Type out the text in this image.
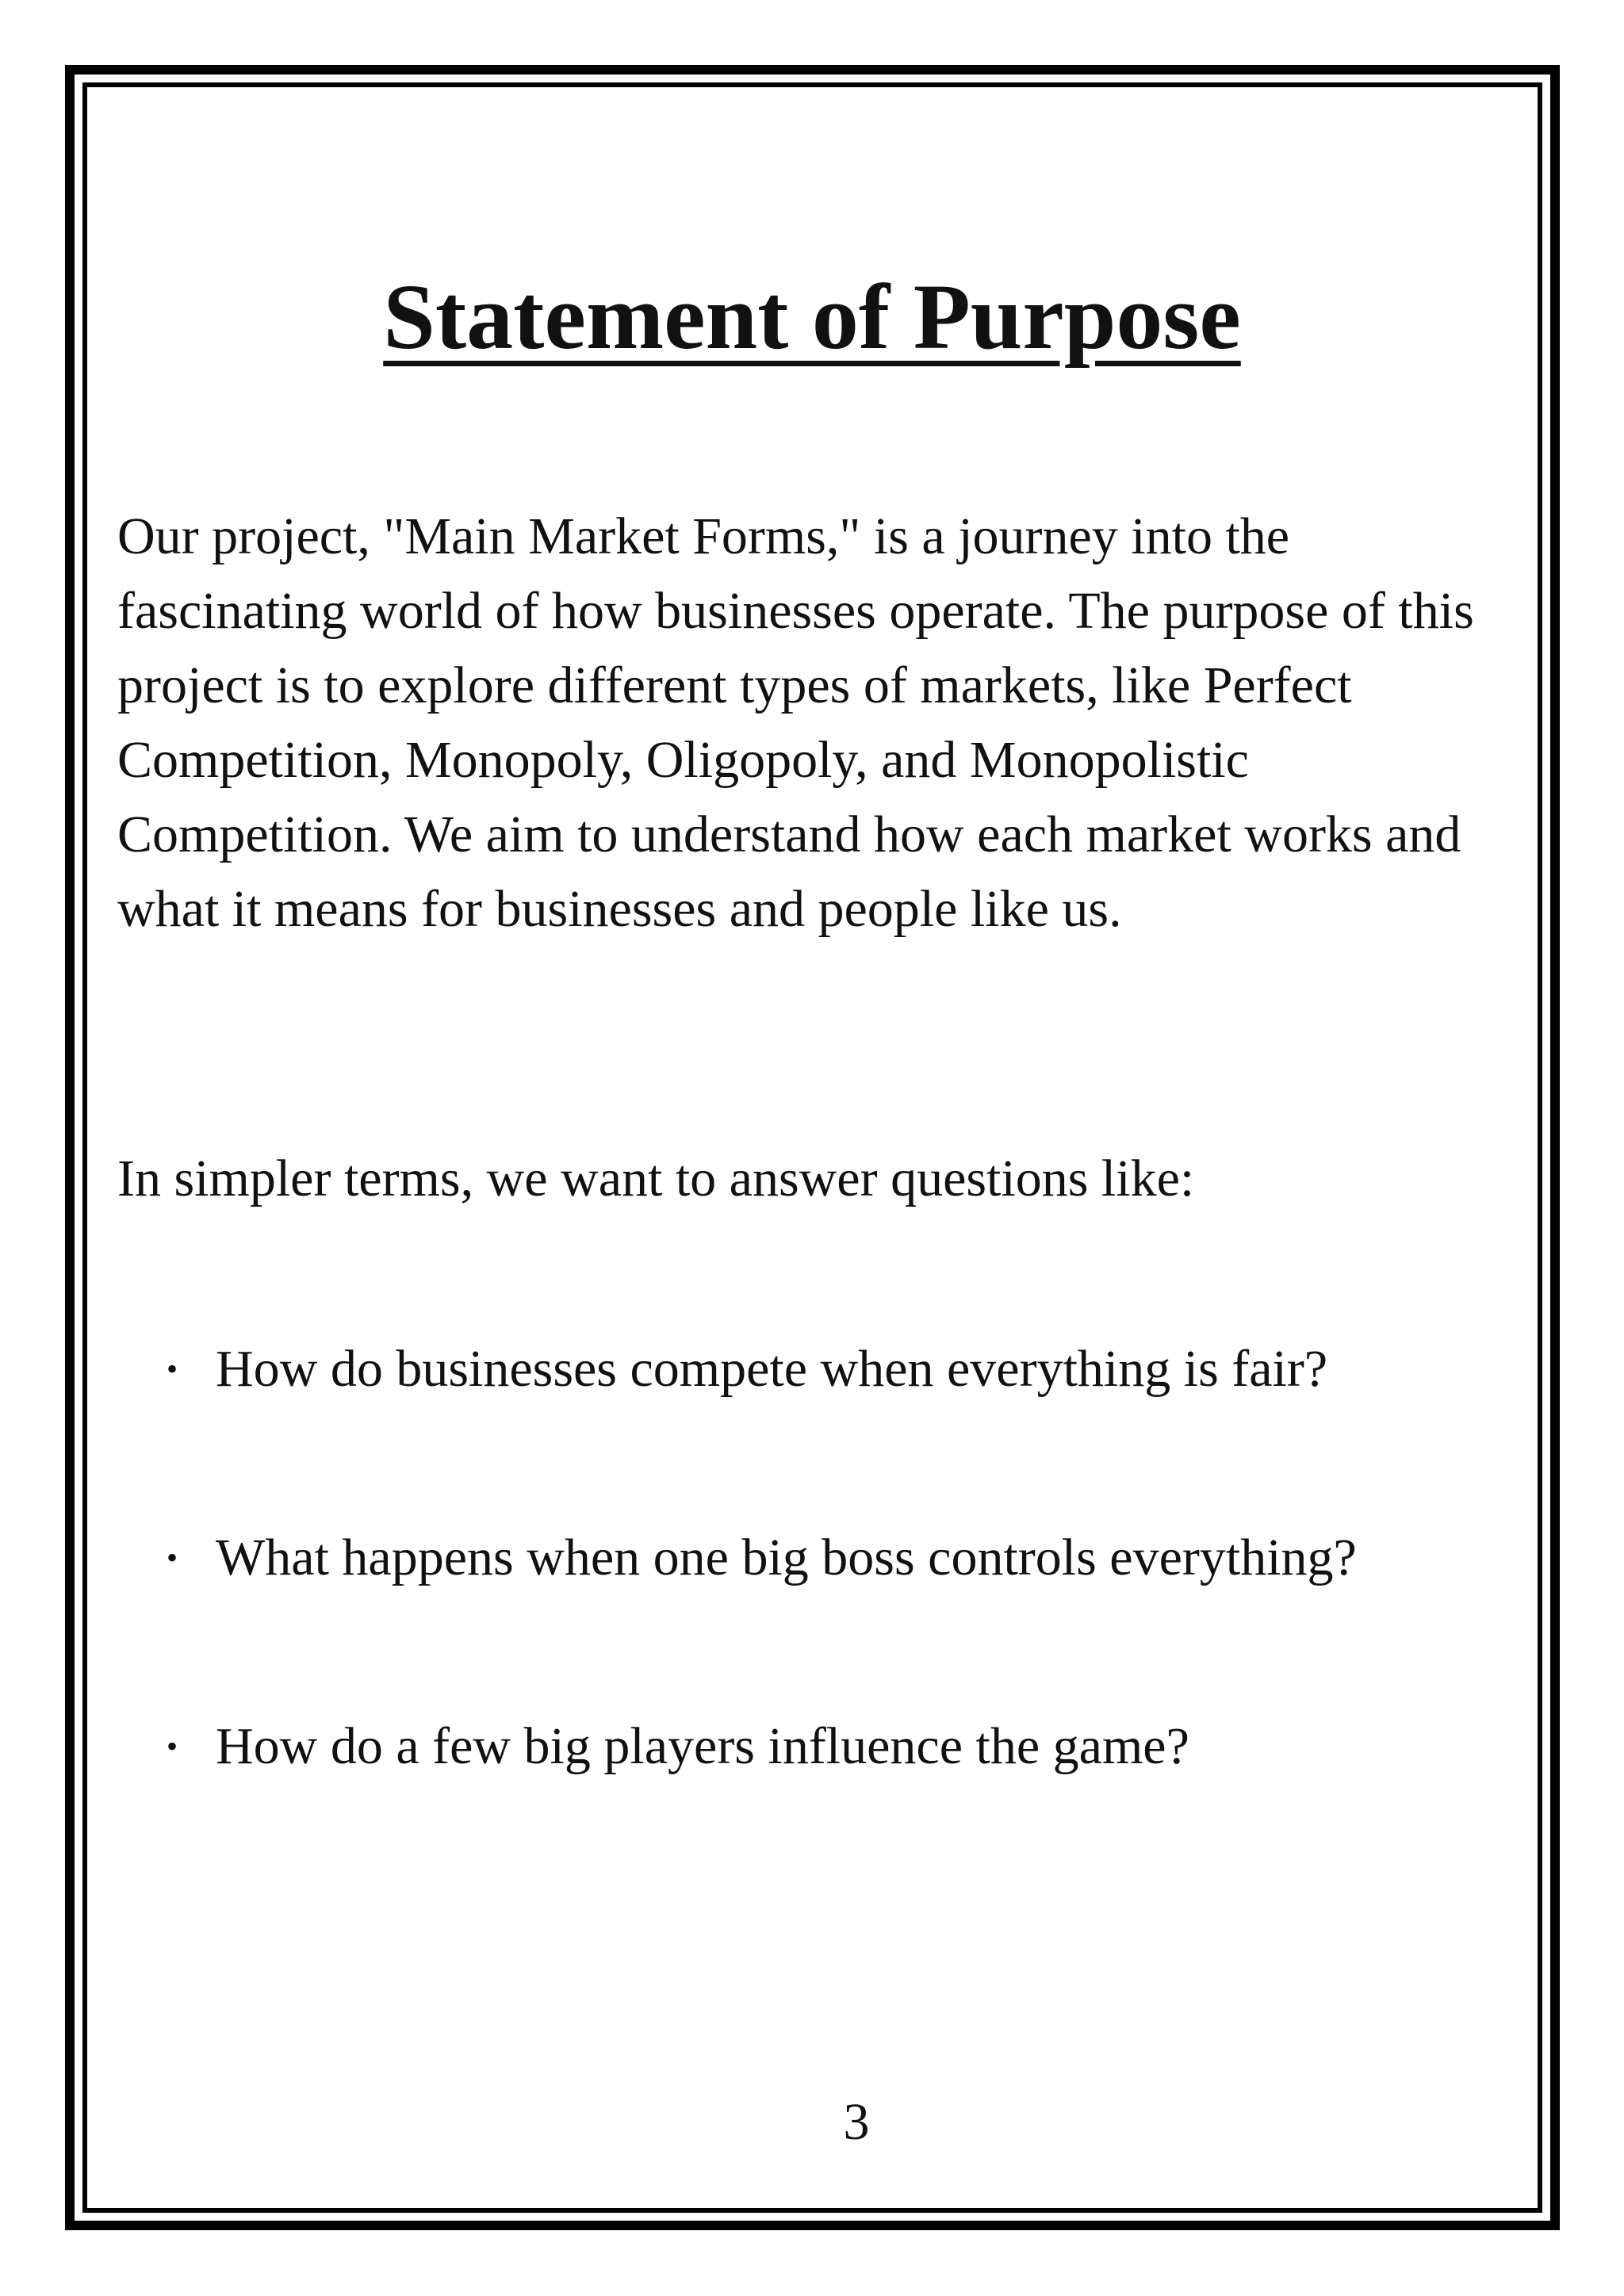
Statement of Purpose

Our project, "Main Market Forms," is a journey into the fascinating world of how businesses operate. The purpose of this project is to explore different types of markets, like Perfect Competition, Monopoly, Oligopoly, and Monopolistic Competition. We aim to understand how each market works and what it means for businesses and people like us.

In simpler terms, we want to answer questions like:

• How do businesses compete when everything is fair?
• What happens when one big boss controls everything?
• How do a few big players influence the game?
3
